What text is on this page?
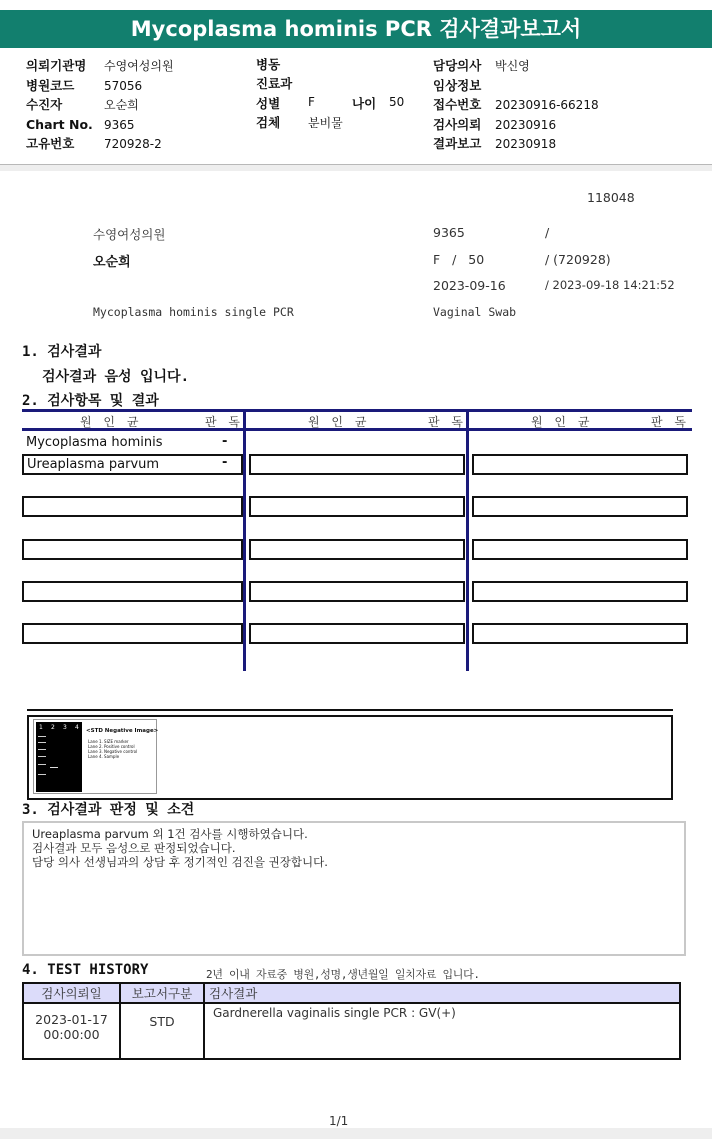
Mycoplasma hominis PCR 검사결과보고서
의뢰기관명 수영여성의원
병원코드 57056
수진자	오순희
Chart No. 9365
고유번호 720928-2
병동
진료과
성별 F	나이 50
검체 분비물
담당의사 박신영
임상정보
접수번호 20230916-66218
검사의뢰 20230916
결과보고 20230918
118048
수영여성의원	9365	/
오순희	F   /   50	/ (720928)
2023-09-16	/ 2023-09-18 14:21:52
Mycoplasma hominis single PCR	Vaginal Swab
1. 검사결과
검사결과 음성 입니다.
2. 검사항목 및 결과
원 인 균	판 독	원 인 균	판 독	원 인 균	판 독
Mycoplasma hominis	-
Ureaplasma parvum	-
1 2 3 4 <STD Negative Image>
Lane 1. SIZE marker
Lane 2. Positive control
Lane 3. Negative control
Lane 4. Sample
3. 검사결과 판정 및 소견
Ureaplasma parvum 외 1건 검사를 시행하였습니다.
검사결과 모두 음성으로 판정되었습니다.
담당 의사 선생님과의 상담 후 정기적인 검진을 권장합니다.
4. TEST HISTORY	2년 이내 자료중 병원,성명,생년월일 일치자료 입니다.
검사의뢰일	보고서구분	검사결과

2023-01-17
00:00:00	STD	Gardnerella vaginalis single PCR : GV(+)
1/1
